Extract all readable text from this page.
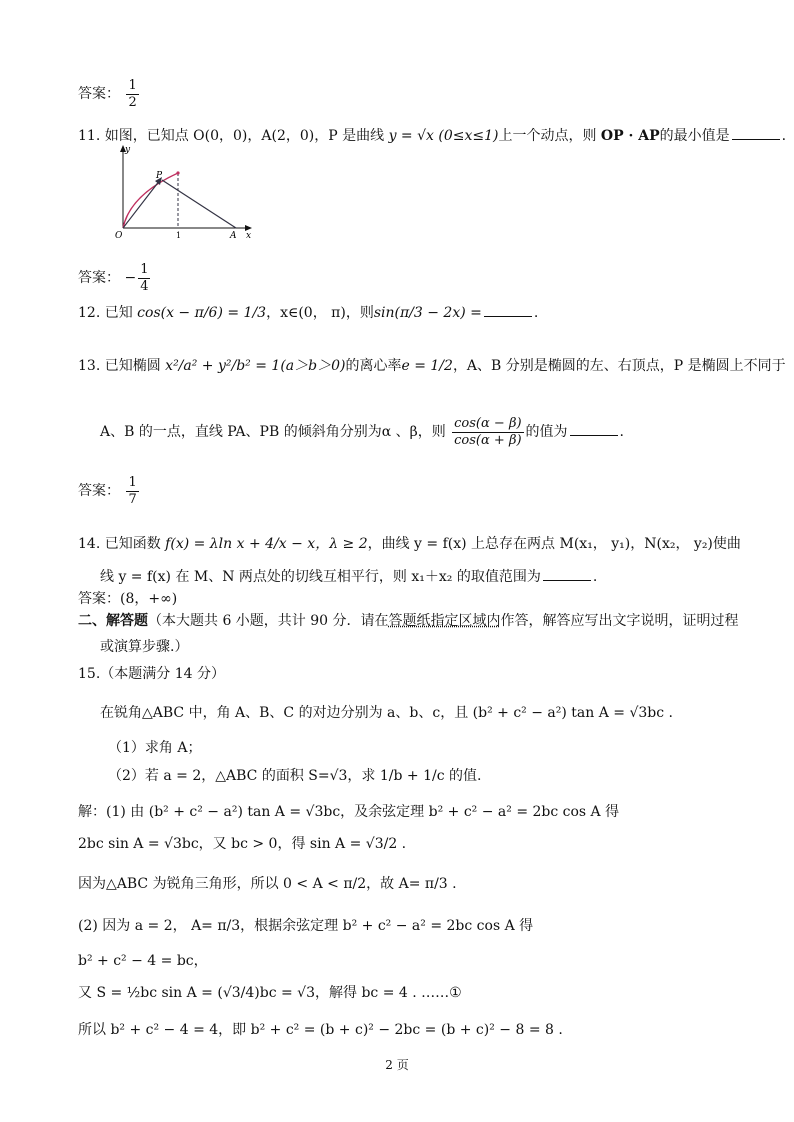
答案： $\frac{1}{2}$
11. 如图，已知点 O(0，0)，A(2，0)，P 是曲线 y = √x (0≤x≤1)上一个动点，则 OP · AP的最小值是	.
y
O
P
1	A x
答案： − $\frac{1}{4}$
12. 已知 cos(x − π/6) = 1/3，x∈(0， π)，则sin(π/3 − 2x) =	.
13. 已知椭圆 x²/a² + y²/b² = 1(a＞b＞0)的离心率e = 1/2，A、B 分别是椭圆的左、右顶点，P 是椭圆上不同于
A、B 的一点，直线 PA、PB 的倾斜角分别为α 、β，则 $\frac{\cos(\alpha - \beta)}{\cos(\alpha + \beta)}$ 的值为	.
答案： $\frac{1}{7}$
14. 已知函数 f(x) = λln x + 4/x − x，λ ≥ 2，曲线 y = f(x) 上总存在两点 M(x₁， y₁)，N(x₂， y₂)使曲
线 y = f(x) 在 M、N 两点处的切线互相平行，则 x₁＋x₂ 的取值范围为	.
答案：(8，+∞)
二、解答题（本大题共 6 小题，共计 90 分．请在答题纸指定区域内作答，解答应写出文字说明，证明过程
或演算步骤.）
15.（本题满分 14 分）
在锐角△ABC 中，角 A、B、C 的对边分别为 a、b、c，且 (b² + c² − a²) tan A = √3bc .
（1）求角 A；
（2）若 a = 2，△ABC 的面积 S=√3，求 1/b + 1/c 的值.
解：(1) 由 (b² + c² − a²) tan A = √3bc，及余弦定理 b² + c² − a² = 2bc cos A 得
2bc sin A = √3bc，又 bc > 0，得 sin A = √3/2 .
因为△ABC 为锐角三角形，所以 0 < A < π/2，故 A= π/3 .
(2) 因为 a = 2， A= π/3，根据余弦定理 b² + c² − a² = 2bc cos A 得
b² + c² − 4 = bc，
又 S = ½bc sin A = (√3/4)bc = √3，解得 bc = 4 . ……①
所以 b² + c² − 4 = 4，即 b² + c² = (b + c)² − 2bc = (b + c)² − 8 = 8 .
2 页
